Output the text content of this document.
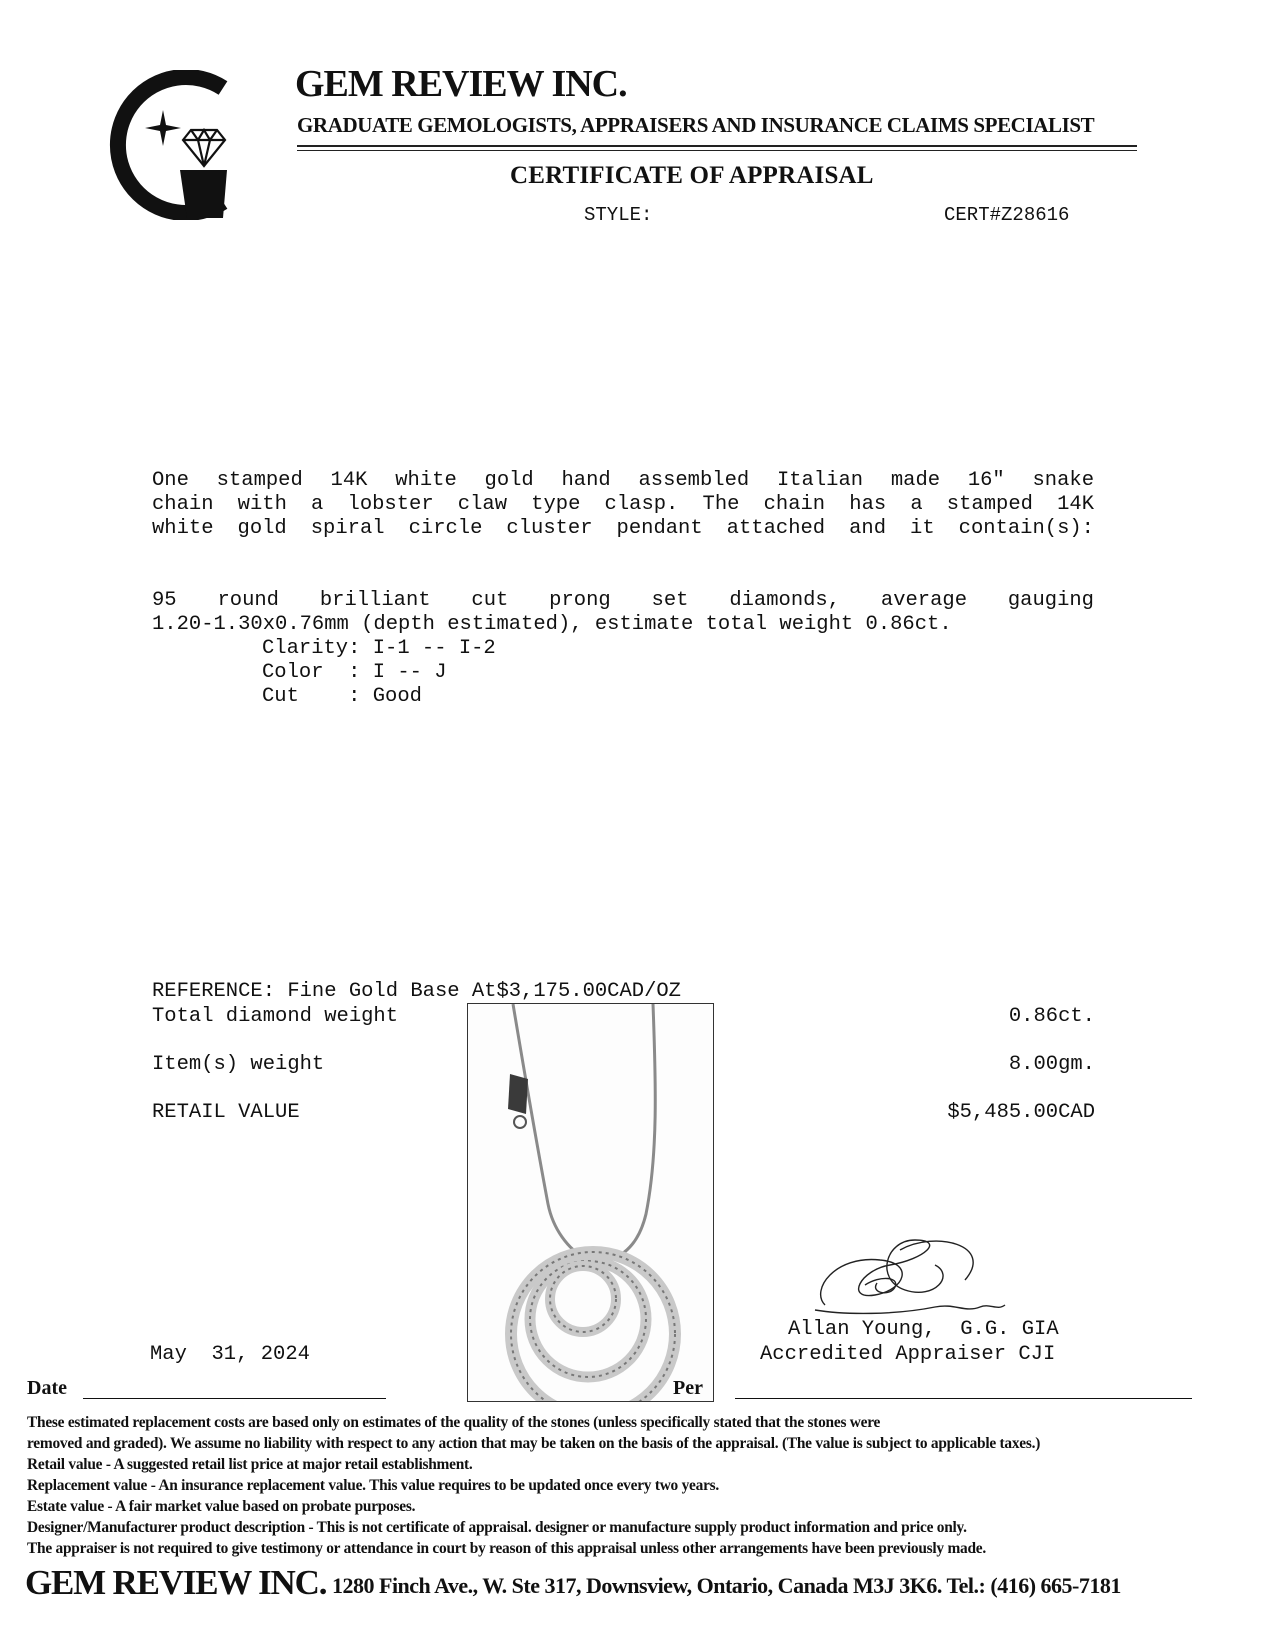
GEM REVIEW INC.
GRADUATE GEMOLOGISTS, APPRAISERS AND INSURANCE CLAIMS SPECIALIST
CERTIFICATE OF APPRAISAL
STYLE:	CERT#Z28616
One stamped 14K white gold hand assembled Italian made 16" snake
chain with a lobster claw type clasp. The chain has a stamped 14K
white gold spiral circle cluster pendant attached and it contain(s):
95 round brilliant cut prong set diamonds, average gauging
1.20-1.30x0.76mm (depth estimated), estimate total weight 0.86ct.
Clarity: I-1 -- I-2
Color  : I -- J
Cut    : Good
REFERENCE: Fine Gold Base At$3,175.00CAD/OZ
Total diamond weight	0.86ct.
Item(s) weight	8.00gm.
RETAIL VALUE	$5,485.00CAD
Allan Young,  G.G. GIA
Accredited Appraiser CJI
May  31, 2024
Date	Per
These estimated replacement costs are based only on estimates of the quality of the stones (unless specifically stated that the stones were
removed and graded). We assume no liability with respect to any action that may be taken on the basis of the appraisal. (The value is subject to applicable taxes.)
Retail value - A suggested retail list price at major retail establishment.
Replacement value - An insurance replacement value. This value requires to be updated once every two years.
Estate value - A fair market value based on probate purposes.
Designer/Manufacturer product description - This is not certificate of appraisal. designer or manufacture supply product information and price only.
The appraiser is not required to give testimony or attendance in court by reason of this appraisal unless other arrangements have been previously made.
GEM REVIEW INC. 1280 Finch Ave., W. Ste 317, Downsview, Ontario, Canada M3J 3K6. Tel.: (416) 665-7181
